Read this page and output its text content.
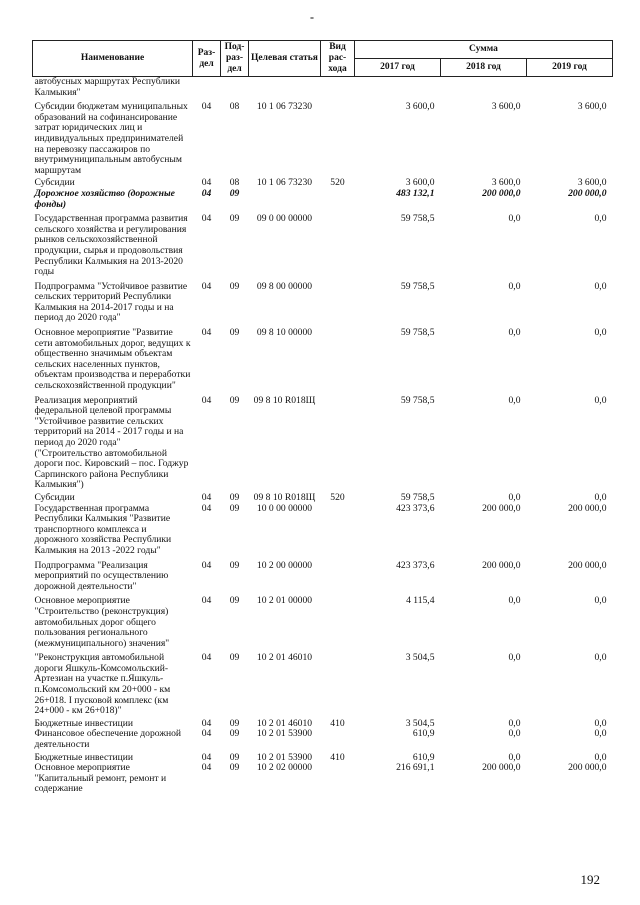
-
Наименование	Раз-дел	Под-раз-дел	Целевая статья	Вид рас-хода	Сумма		
					2017 год	2018 год	2019 год
автобусных маршрутах Республики Калмыкия"							
Субсидии бюджетам муниципальных образований на софинансирование затрат юридических лиц и индивидуальных предпринимателей на перевозку пассажиров по внутримуниципальным автобусным маршрутам	04	08	10 1 06 73230		3 600,0	3 600,0	3 600,0
Субсидии	04	08	10 1 06 73230	520	3 600,0	3 600,0	3 600,0
Дорожное хозяйство (дорожные фонды)	04	09			483 132,1	200 000,0	200 000,0
Государственная программа развития сельского хозяйства и регулирования рынков сельскохозяйственной продукции, сырья и продовольствия Республики Калмыкия на 2013-2020 годы	04	09	09 0 00 00000		59 758,5	0,0	0,0
Подпрограмма "Устойчивое развитие сельских территорий Республики Калмыкия на 2014-2017 годы и на период до 2020 года"	04	09	09 8 00 00000		59 758,5	0,0	0,0
Основное мероприятие "Развитие сети автомобильных дорог, ведущих к общественно значимым объектам сельских населенных пунктов, объектам производства и переработки сельскохозяйственной продукции"	04	09	09 8 10 00000		59 758,5	0,0	0,0
Реализация мероприятий федеральной целевой программы "Устойчивое развитие сельских территорий на 2014 - 2017 годы и на период до 2020 года" ("Строительство автомобильной дороги пос. Кировский – пос. Годжур Сарпинского района Республики Калмыкия")	04	09	09 8 10 R018Щ		59 758,5	0,0	0,0
Субсидии	04	09	09 8 10 R018Щ	520	59 758,5	0,0	0,0
Государственная программа Республики Калмыкия "Развитие транспортного комплекса и дорожного хозяйства Республики Калмыкия на 2013 -2022 годы"	04	09	10 0 00 00000		423 373,6	200 000,0	200 000,0
Подпрограмма "Реализация мероприятий по осуществлению дорожной деятельности"	04	09	10 2 00 00000		423 373,6	200 000,0	200 000,0
Основное мероприятие "Строительство (реконструкция) автомобильных дорог общего пользования регионального (межмуниципального) значения"	04	09	10 2 01 00000		4 115,4	0,0	0,0
"Реконструкция автомобильной дороги Яшкуль-Комсомольский-Артезиан на участке п.Яшкуль-п.Комсомольский км 20+000 - км 26+018. I пусковой комплекс (км 24+000 - км 26+018)"	04	09	10 2 01 46010		3 504,5	0,0	0,0
Бюджетные инвестиции	04	09	10 2 01 46010	410	3 504,5	0,0	0,0
Финансовое обеспечение дорожной деятельности	04	09	10 2 01 53900		610,9	0,0	0,0
Бюджетные инвестиции	04	09	10 2 01 53900	410	610,9	0,0	0,0
Основное мероприятие "Капитальный ремонт, ремонт и содержание	04	09	10 2 02 00000		216 691,1	200 000,0	200 000,0
192
